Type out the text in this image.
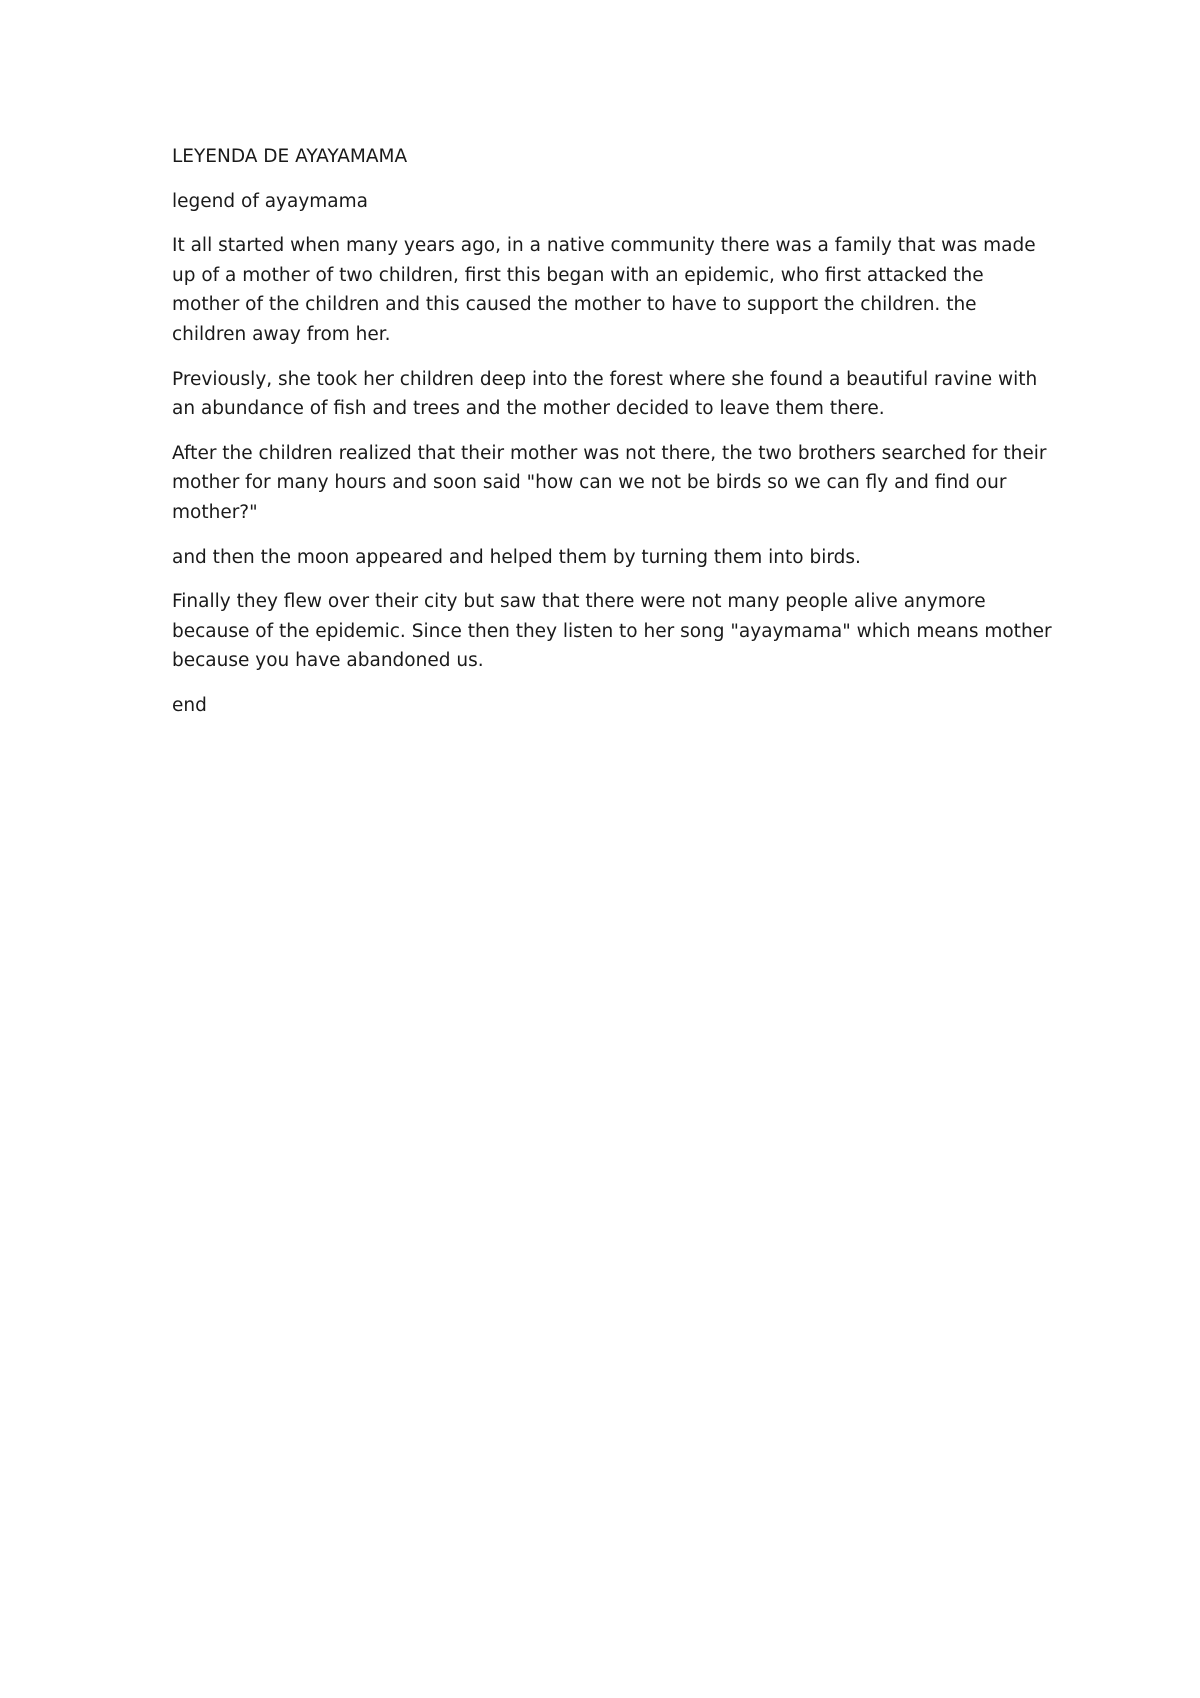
LEYENDA DE AYAYAMAMA

legend of ayaymama

It all started when many years ago, in a native community there was a family that was made up of a mother of two children, first this began with an epidemic, who first attacked the mother of the children and this caused the mother to have to support the children. the children away from her.

Previously, she took her children deep into the forest where she found a beautiful ravine with an abundance of fish and trees and the mother decided to leave them there.

After the children realized that their mother was not there, the two brothers searched for their mother for many hours and soon said "how can we not be birds so we can fly and find our mother?"

and then the moon appeared and helped them by turning them into birds.

Finally they flew over their city but saw that there were not many people alive anymore because of the epidemic. Since then they listen to her song "ayaymama" which means mother because you have abandoned us.

end
